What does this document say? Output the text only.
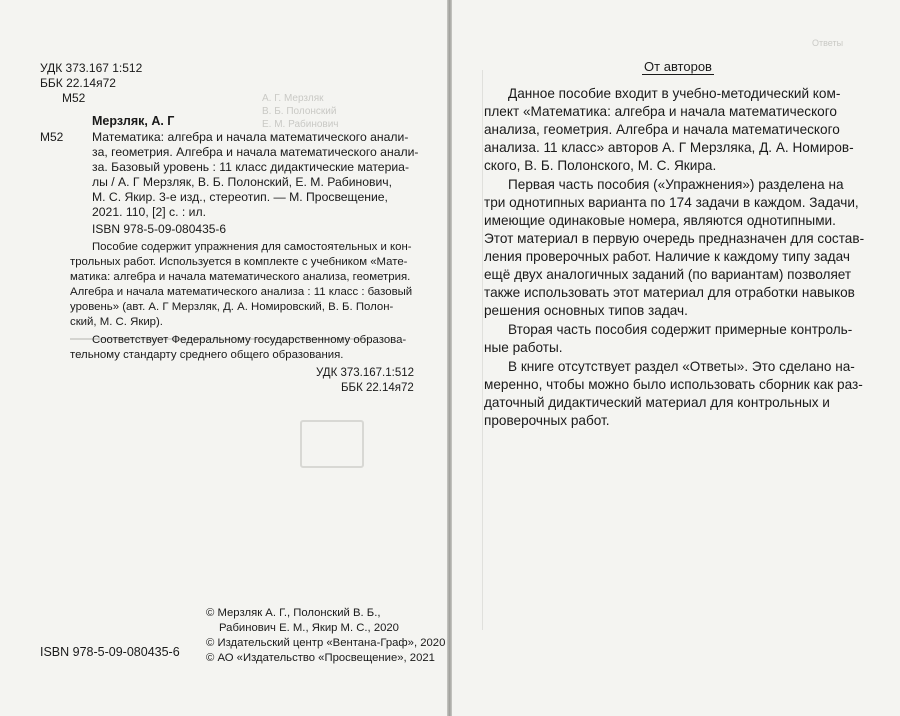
А. Г. Мерзляк
В. Б. Полонский
Е. М. Рабинович
Ответы
УДК 373.167 1:512
ББК 22.14я72
М52
Мерзляк, А. Г
М52 Математика: алгебра и начала математического анали-
за, геометрия. Алгебра и начала математического анали-
за. Базовый уровень : 11 класс дидактические материа-
лы / А. Г Мерзляк, В. Б. Полонский, Е. М. Рабинович,
М. С. Якир. 3-е изд., стереотип. — М. Просвещение,
2021. 110, [2] с. : ил.
ISBN 978-5-09-080435-6
Пособие содержит упражнения для самостоятельных и кон-
трольных работ. Используется в комплекте с учебником «Мате-
матика: алгебра и начала математического анализа, геометрия.
Алгебра и начала математического анализа : 11 класс : базовый
уровень» (авт. А. Г Мерзляк, Д. А. Номировский, В. Б. Полон-
ский, М. С. Якир).
Соответствует Федеральному государственному образова-
тельному стандарту среднего общего образования.
УДК 373.167.1:512
ББК 22.14я72
© Мерзляк А. Г., Полонский В. Б.,
Рабинович Е. М., Якир М. С., 2020
© Издательский центр «Вентана-Граф», 2020
© АО «Издательство «Просвещение», 2021
ISBN 978-5-09-080435-6
От авторов
Данное пособие входит в учебно-методический ком-
плект «Математика: алгебра и начала математического
анализа, геометрия. Алгебра и начала математического
анализа. 11 класс» авторов А. Г Мерзляка, Д. А. Номиров-
ского, В. Б. Полонского, М. С. Якира.
Первая часть пособия («Упражнения») разделена на
три однотипных варианта по 174 задачи в каждом. Задачи,
имеющие одинаковые номера, являются однотипными.
Этот материал в первую очередь предназначен для состав-
ления проверочных работ. Наличие к каждому типу задач
ещё двух аналогичных заданий (по вариантам) позволяет
также использовать этот материал для отработки навыков
решения основных типов задач.
Вторая часть пособия содержит примерные контроль-
ные работы.
В книге отсутствует раздел «Ответы». Это сделано на-
меренно, чтобы можно было использовать сборник как раз-
даточный дидактический материал для контрольных и
проверочных работ.
